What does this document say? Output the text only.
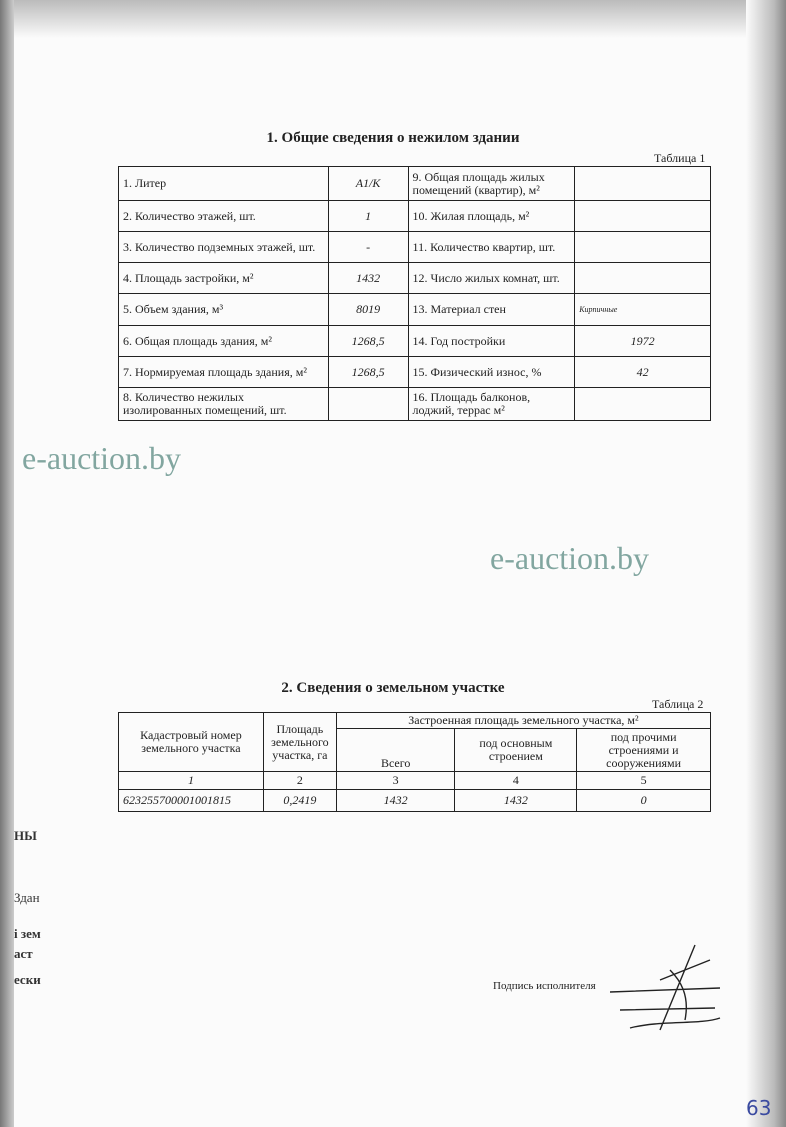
НЫ
Здан
і зем
аст
ески
1. Общие сведения о нежилом здании
Таблица 1
1. Литер	А1/К	9. Общая площадь жилых помещений (квартир), м²	
2. Количество этажей, шт.	1	10. Жилая площадь, м²	
3. Количество подземных этажей, шт.	-	11. Количество квартир, шт.	
4. Площадь застройки, м²	1432	12. Число жилых комнат, шт.	
5. Объем здания, м³	8019	13. Материал стен	Кирпичные
6. Общая площадь здания, м²	1268,5	14. Год постройки	1972
7. Нормируемая площадь здания, м²	1268,5	15. Физический износ, %	42
8. Количество нежилых изолированных помещений, шт.		16. Площадь балконов, лоджий, террас м²	
2. Сведения о земельном участке
Таблица 2
Кадастровый номер земельного участка	Площадь земельного участка, га	Застроенная площадь земельного участка, м²		
		Всего	под основным строением	под прочими строениями и сооружениями
1	2	3	4	5
623255700001001815	0,2419	1432	1432	0
e-auction.by
e-auction.by
Подпись исполнителя
63
